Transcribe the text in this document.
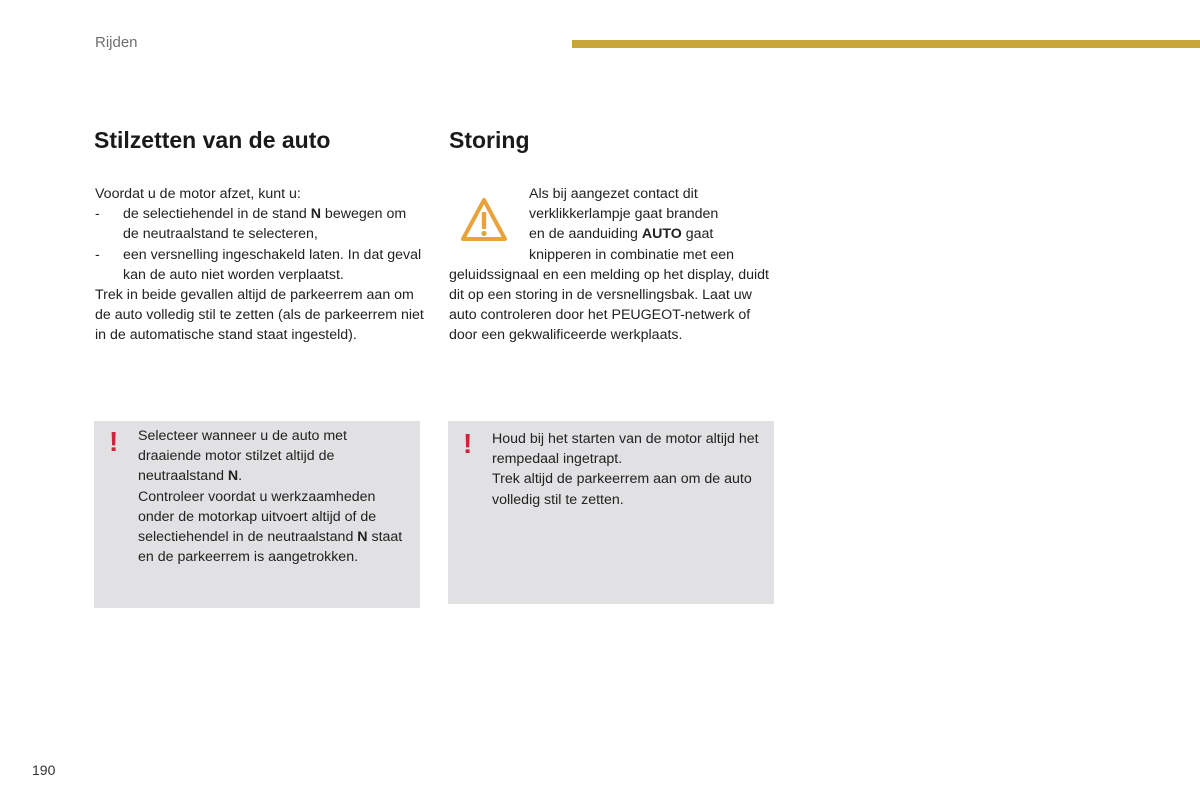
Rijden
Stilzetten van de auto

Voordat u de motor afzet, kunt u:

- de selectiehendel in de stand N bewegen om de neutraalstand te selecteren,
- een versnelling ingeschakeld laten. In dat geval kan de auto niet worden verplaatst.

Trek in beide gevallen altijd de parkeerrem aan om de auto volledig stil te zetten (als de parkeerrem niet in de automatische stand staat ingesteld).

! Selecteer wanneer u de auto met draaiende motor stilzet altijd de neutraalstand N.

Controleer voordat u werkzaamheden onder de motorkap uitvoert altijd of de selectiehendel in de neutraalstand N staat en de parkeerrem is aangetrokken.

Storing

Als bij aangezet contact dit

verklikkerlampje gaat branden

en de aanduiding AUTO gaat

knipperen in combinatie met een

geluidssignaal en een melding op het display, duidt dit op een storing in de versnellingsbak. Laat uw auto controleren door het PEUGEOT-netwerk of door een gekwalificeerde werkplaats.

! Houd bij het starten van de motor altijd het rempedaal ingetrapt.

Trek altijd de parkeerrem aan om de auto volledig stil te zetten.

190
